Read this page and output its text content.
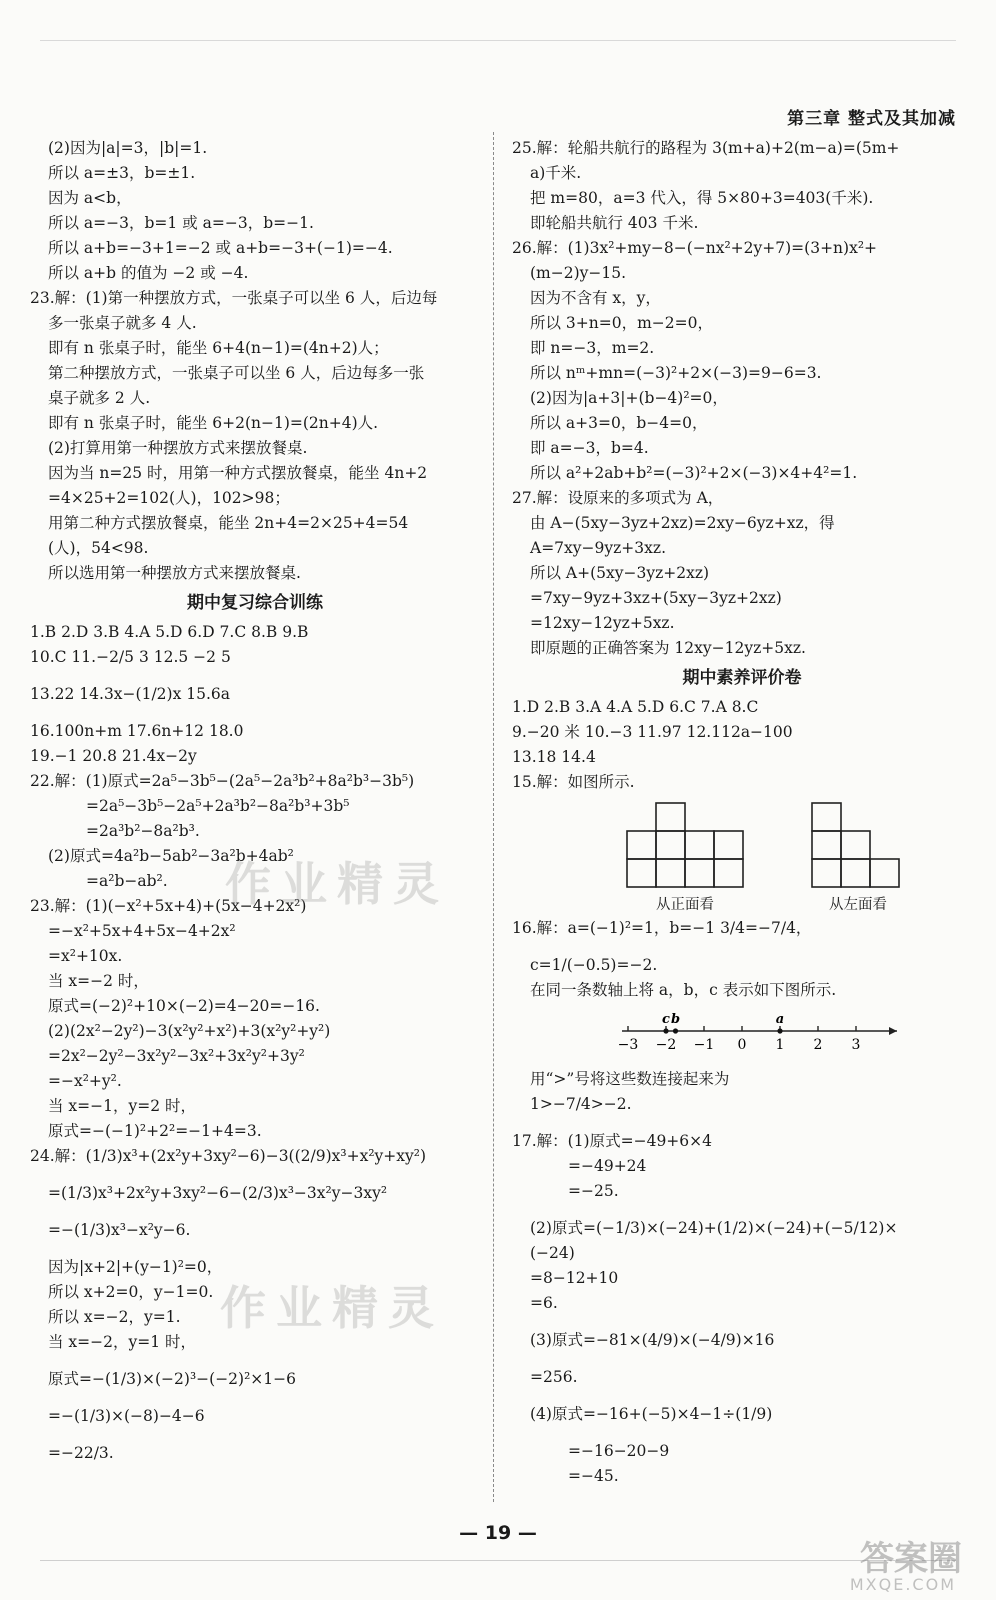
第三章 整式及其加减
(2)因为|a|=3，|b|=1.
所以 a=±3，b=±1.
因为 a<b，
所以 a=−3，b=1 或 a=−3，b=−1.
所以 a+b=−3+1=−2 或 a+b=−3+(−1)=−4.
所以 a+b 的值为 −2 或 −4.
23.解：(1)第一种摆放方式，一张桌子可以坐 6 人，后边每
多一张桌子就多 4 人.
即有 n 张桌子时，能坐 6+4(n−1)=(4n+2)人；
第二种摆放方式，一张桌子可以坐 6 人，后边每多一张
桌子就多 2 人.
即有 n 张桌子时，能坐 6+2(n−1)=(2n+4)人.
(2)打算用第一种摆放方式来摆放餐桌.
因为当 n=25 时，用第一种方式摆放餐桌，能坐 4n+2
=4×25+2=102(人)，102>98；
用第二种方式摆放餐桌，能坐 2n+4=2×25+4=54
(人)，54<98.
所以选用第一种摆放方式来摆放餐桌.
期中复习综合训练
1.B 2.D 3.B 4.A 5.D 6.D 7.C 8.B 9.B
10.C 11.−2/5 3 12.5 −2 5
13.22 14.3x−(1/2)x 15.6a
16.100n+m 17.6n+12 18.0
19.−1 20.8 21.4x−2y
22.解：(1)原式=2a⁵−3b⁵−(2a⁵−2a³b²+8a²b³−3b⁵)
=2a⁵−3b⁵−2a⁵+2a³b²−8a²b³+3b⁵
=2a³b²−8a²b³.
(2)原式=4a²b−5ab²−3a²b+4ab²
=a²b−ab².
23.解：(1)(−x²+5x+4)+(5x−4+2x²)
=−x²+5x+4+5x−4+2x²
=x²+10x.
当 x=−2 时，
原式=(−2)²+10×(−2)=4−20=−16.
(2)(2x²−2y²)−3(x²y²+x²)+3(x²y²+y²)
=2x²−2y²−3x²y²−3x²+3x²y²+3y²
=−x²+y².
当 x=−1，y=2 时，
原式=−(−1)²+2²=−1+4=3.
24.解：(1/3)x³+(2x²y+3xy²−6)−3((2/9)x³+x²y+xy²)
=(1/3)x³+2x²y+3xy²−6−(2/3)x³−3x²y−3xy²
=−(1/3)x³−x²y−6.
因为|x+2|+(y−1)²=0，
所以 x+2=0，y−1=0.
所以 x=−2，y=1.
当 x=−2，y=1 时，
原式=−(1/3)×(−2)³−(−2)²×1−6
=−(1/3)×(−8)−4−6
=−22/3.
25.解：轮船共航行的路程为 3(m+a)+2(m−a)=(5m+
a)千米.
把 m=80，a=3 代入，得 5×80+3=403(千米).
即轮船共航行 403 千米.
26.解：(1)3x²+my−8−(−nx²+2y+7)=(3+n)x²+
(m−2)y−15.
因为不含有 x，y，
所以 3+n=0，m−2=0，
即 n=−3，m=2.
所以 nᵐ+mn=(−3)²+2×(−3)=9−6=3.
(2)因为|a+3|+(b−4)²=0，
所以 a+3=0，b−4=0，
即 a=−3，b=4.
所以 a²+2ab+b²=(−3)²+2×(−3)×4+4²=1.
27.解：设原来的多项式为 A，
由 A−(5xy−3yz+2xz)=2xy−6yz+xz，得
A=7xy−9yz+3xz.
所以 A+(5xy−3yz+2xz)
=7xy−9yz+3xz+(5xy−3yz+2xz)
=12xy−12yz+5xz.
即原题的正确答案为 12xy−12yz+5xz.
期中素养评价卷
1.D 2.B 3.A 4.A 5.D 6.C 7.A 8.C
9.−20 米 10.−3 11.97 12.112a−100
13.18 14.4
15.解：如图所示.
从正面看	从左面看
16.解：a=(−1)²=1，b=−1 3/4=−7/4，
c=1/(−0.5)=−2.
在同一条数轴上将 a，b，c 表示如下图所示.
−3 −2 −1 0 1 2 3
c b	a
用“>”号将这些数连接起来为
1>−7/4>−2.
17.解：(1)原式=−49+6×4
=−49+24
=−25.
(2)原式=(−1/3)×(−24)+(1/2)×(−24)+(−5/12)×
(−24)
=8−12+10
=6.
(3)原式=−81×(4/9)×(−4/9)×16
=256.
(4)原式=−16+(−5)×4−1÷(1/9)
=−16−20−9
=−45.
作业精灵
作业精灵
— 19 —
答案圈
MXQE.COM
